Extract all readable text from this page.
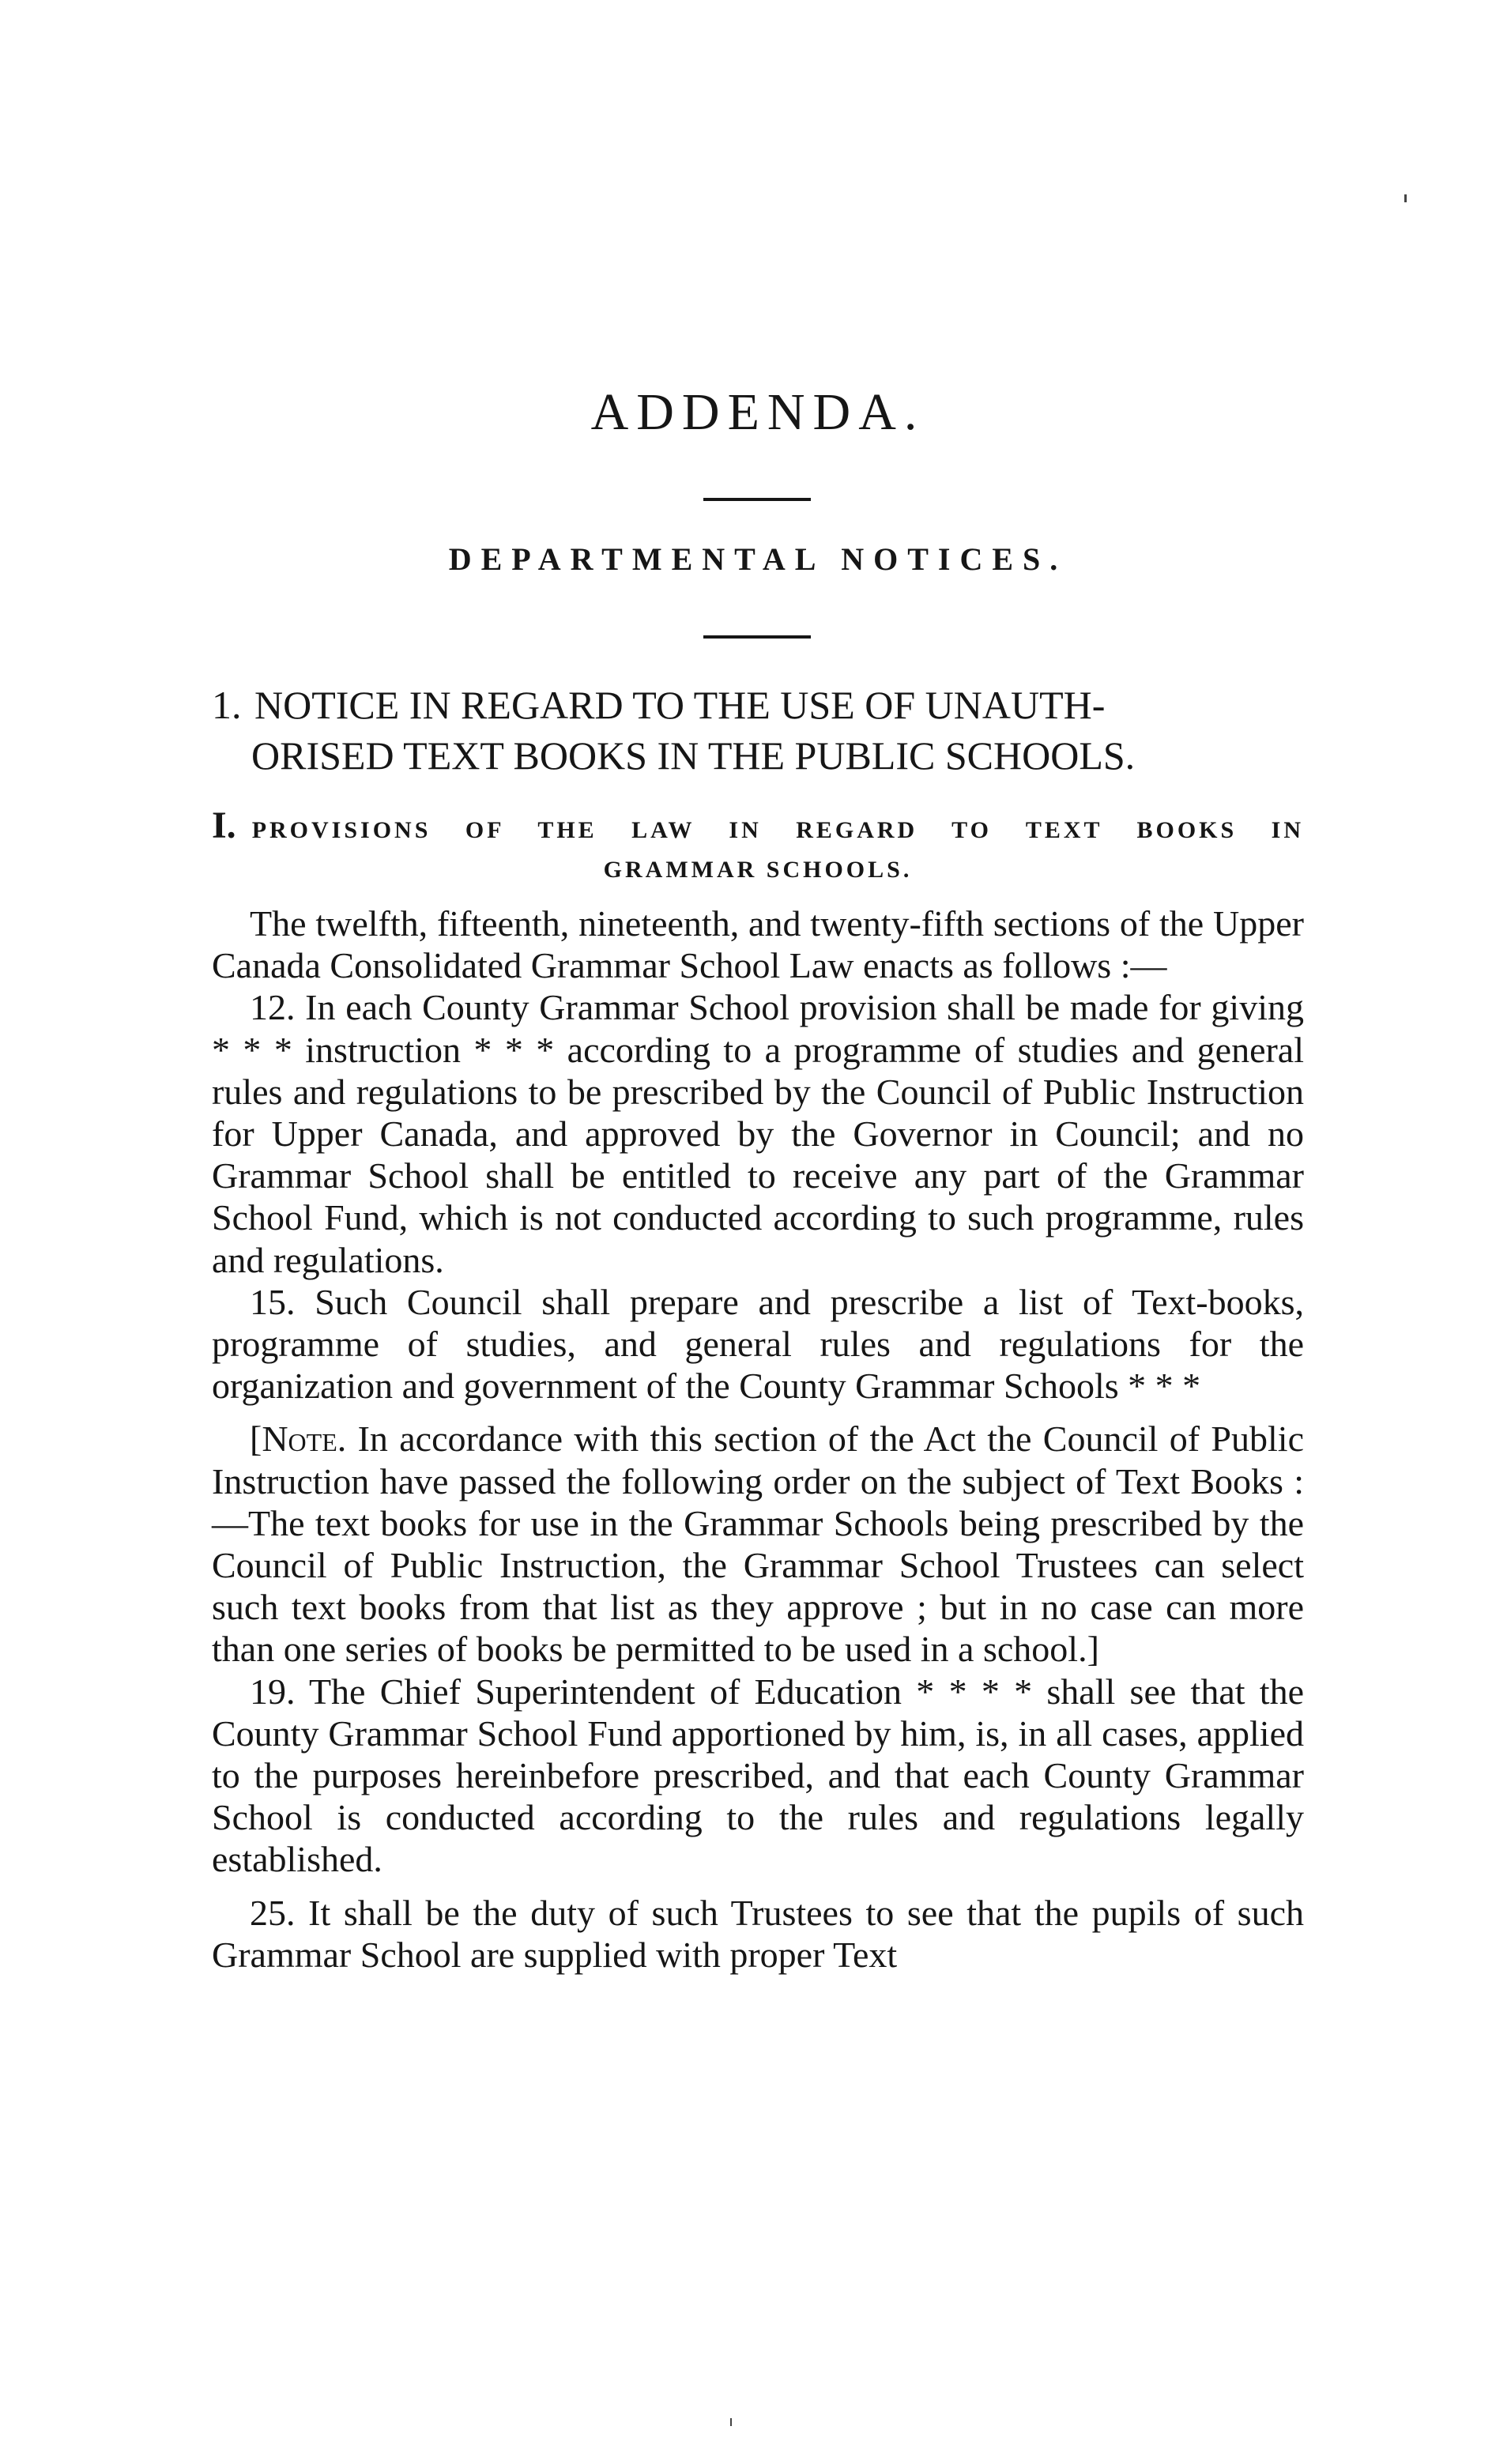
ADDENDA.
DEPARTMENTAL NOTICES.
1. NOTICE IN REGARD TO THE USE OF UNAUTH-
ORISED TEXT BOOKS IN THE PUBLIC SCHOOLS.
I. PROVISIONS OF THE LAW IN REGARD TO TEXT BOOKS IN
GRAMMAR SCHOOLS.

The twelfth, fifteenth, nineteenth, and twenty-fifth sections of the Upper Canada Consolidated Grammar School Law enacts as follows :—

12. In each County Grammar School provision shall be made for giving * * * instruction * * * according to a programme of studies and general rules and regulations to be prescribed by the Council of Public Instruction for Upper Canada, and approved by the Governor in Council; and no Grammar School shall be entitled to receive any part of the Grammar School Fund, which is not conducted according to such programme, rules and regulations.

15. Such Council shall prepare and prescribe a list of Text-books, programme of studies, and general rules and regulations for the organization and government of the County Grammar Schools * * *

[Note. In accordance with this section of the Act the Council of Public Instruction have passed the following order on the subject of Text Books :—The text books for use in the Grammar Schools being prescribed by the Council of Public Instruction, the Grammar School Trustees can select such text books from that list as they approve ; but in no case can more than one series of books be permitted to be used in a school.]

19. The Chief Superintendent of Education * * * * shall see that the County Grammar School Fund apportioned by him, is, in all cases, applied to the purposes hereinbefore prescribed, and that each County Grammar School is conducted according to the rules and regulations legally established.

25. It shall be the duty of such Trustees to see that the pupils of such Grammar School are supplied with proper Text
